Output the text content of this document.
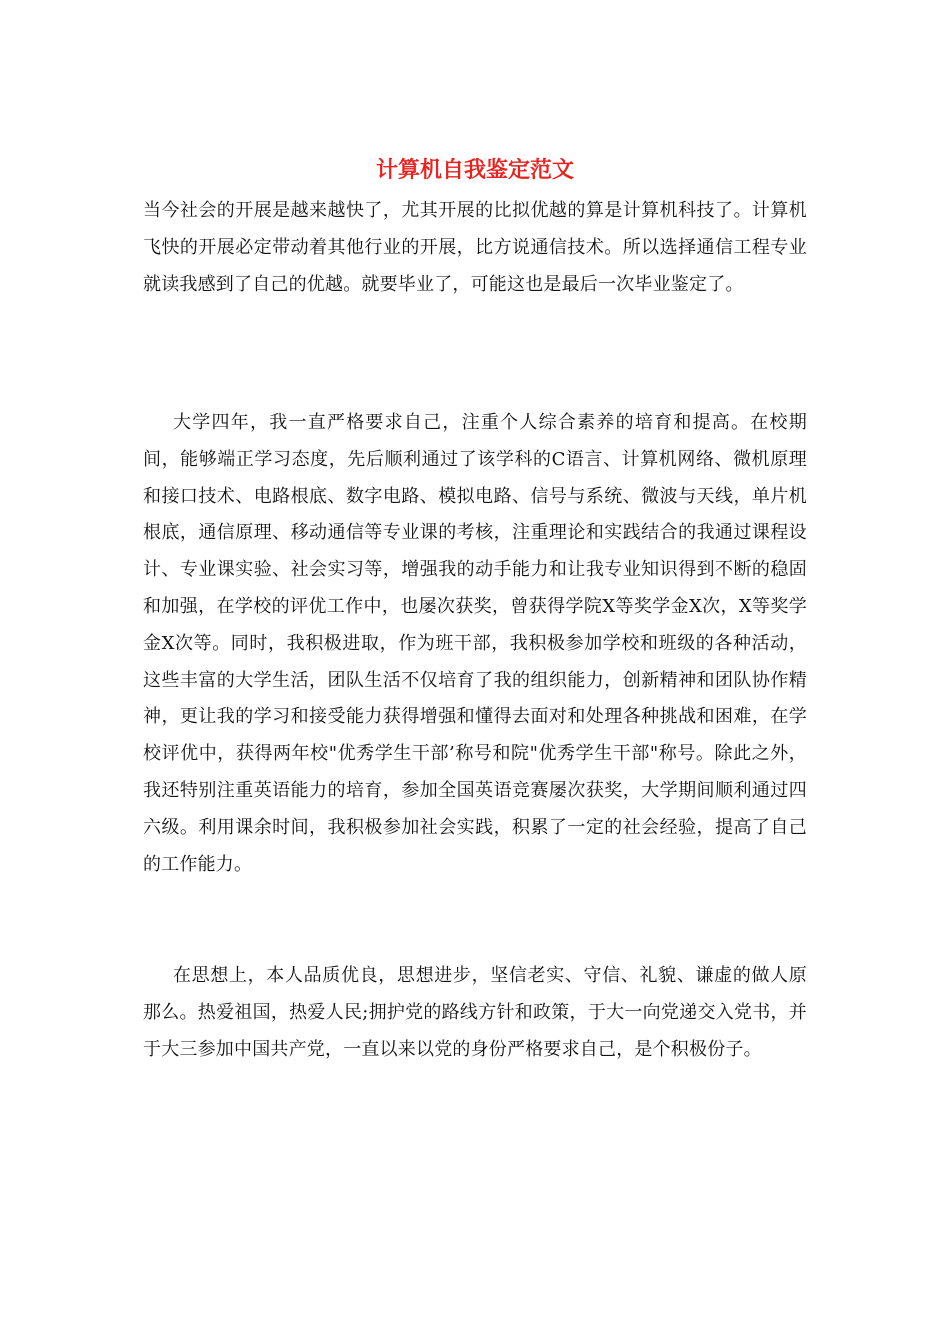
计算机自我鉴定范文

当今社会的开展是越来越快了，尤其开展的比拟优越的算是计算机科技了。计算机飞快的开展必定带动着其他行业的开展，比方说通信技术。所以选择通信工程专业就读我感到了自己的优越。就要毕业了，可能这也是最后一次毕业鉴定了。

大学四年，我一直严格要求自己，注重个人综合素养的培育和提高。在校期间，能够端正学习态度，先后顺利通过了该学科的C语言、计算机网络、微机原理和接口技术、电路根底、数字电路、模拟电路、信号与系统、微波与天线，单片机根底，通信原理、移动通信等专业课的考核，注重理论和实践结合的我通过课程设计、专业课实验、社会实习等，增强我的动手能力和让我专业知识得到不断的稳固和加强，在学校的评优工作中，也屡次获奖，曾获得学院X等奖学金X次，X等奖学金X次等。同时，我积极进取，作为班干部，我积极参加学校和班级的各种活动，这些丰富的大学生活，团队生活不仅培育了我的组织能力，创新精神和团队协作精神，更让我的学习和接受能力获得增强和懂得去面对和处理各种挑战和困难，在学校评优中，获得两年校"优秀学生干部’称号和院"优秀学生干部"称号。除此之外，我还特别注重英语能力的培育，参加全国英语竞赛屡次获奖，大学期间顺利通过四六级。利用课余时间，我积极参加社会实践，积累了一定的社会经验，提高了自己的工作能力。

在思想上，本人品质优良，思想进步，坚信老实、守信、礼貌、谦虚的做人原那么。热爱祖国，热爱人民;拥护党的路线方针和政策，于大一向党递交入党书，并于大三参加中国共产党，一直以来以党的身份严格要求自己，是个积极份子。
